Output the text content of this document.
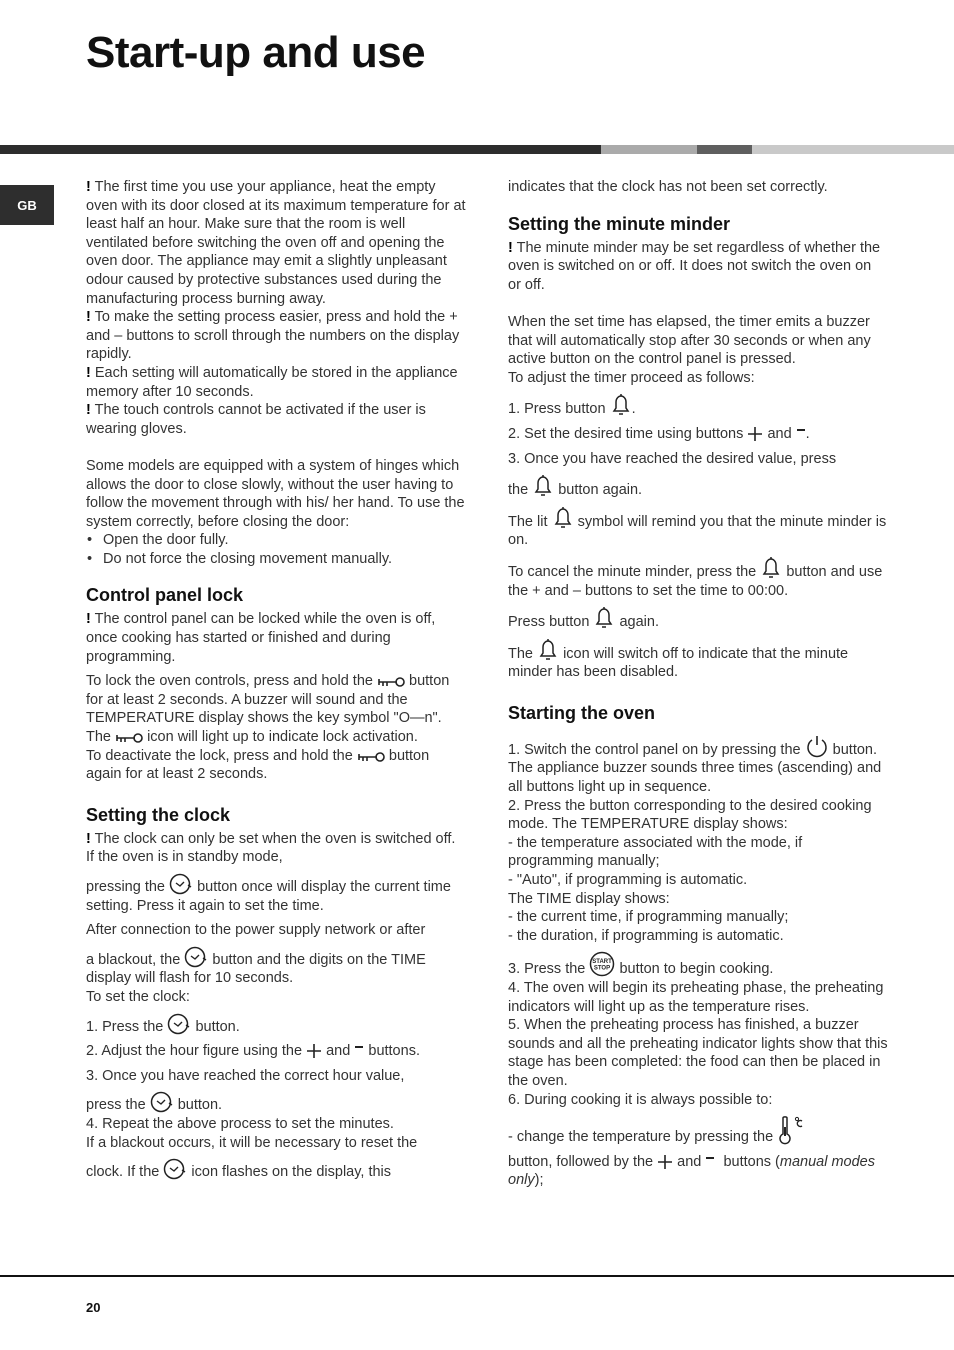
Start-up and use
GB

! The first time you use your appliance, heat the empty oven with its door closed at its maximum temperature for at least half an hour. Make sure that the room is well ventilated before switching the oven off and opening the oven door. The appliance may emit a slightly unpleasant odour caused by protective substances used during the manufacturing process burning away.

! To make the setting process easier, press and hold the + and – buttons to scroll through the numbers on the display rapidly.

! Each setting will automatically be stored in the appliance memory after 10 seconds.

! The touch controls cannot be activated if the user is wearing gloves.

Some models are equipped with a system of hinges which allows the door to close slowly, without the user having to follow the movement through with his/ her hand. To use the system correctly, before closing the door:

• Open the door fully.
• Do not force the closing movement manually.
Control panel lock

! The control panel can be locked while the oven is off, once cooking has started or finished and during programming.

To lock the oven controls, press and hold the button for at least 2 seconds. A buzzer will sound and the TEMPERATURE display shows the key symbol "O—n". The icon will light up to indicate lock activation.

To deactivate the lock, press and hold the button again for at least 2 seconds.

Setting the clock

! The clock can only be set when the oven is switched off. If the oven is in standby mode,

pressing the button once will display the current time setting. Press it again to set the time.

After connection to the power supply network or after

a blackout, the button and the digits on the TIME display will flash for 10 seconds.

To set the clock:

1. Press the button.

2. Adjust the hour figure using the and buttons.

3. Once you have reached the correct hour value,

press the button.

4. Repeat the above process to set the minutes.

If a blackout occurs, it will be necessary to reset the

clock. If the icon flashes on the display, this

indicates that the clock has not been set correctly.

Setting the minute minder

! The minute minder may be set regardless of whether the oven is switched on or off. It does not switch the oven on or off.

When the set time has elapsed, the timer emits a buzzer that will automatically stop after 30 seconds or when any active button on the control panel is pressed.

To adjust the timer proceed as follows:

1. Press button .

2. Set the desired time using buttons and .

3. Once you have reached the desired value, press

the button again.

The lit symbol will remind you that the minute minder is on.

To cancel the minute minder, press the button and use the + and – buttons to set the time to 00:00.

Press button again.

The icon will switch off to indicate that the minute minder has been disabled.

Starting the oven

1. Switch the control panel on by pressing the button. The appliance buzzer sounds three times (ascending) and all buttons light up in sequence.

2. Press the button corresponding to the desired cooking mode. The TEMPERATURE display shows:

- the temperature associated with the mode, if programming manually;

- "Auto", if programming is automatic.

The TIME display shows:

- the current time, if programming manually;

- the duration, if programming is automatic.

3. Press the START
STOP button to begin cooking.

4. The oven will begin its preheating phase, the preheating indicators will light up as the temperature rises.

5. When the preheating process has finished, a buzzer sounds and all the preheating indicator lights show that this stage has been completed: the food can then be placed in the oven.

6. During cooking it is always possible to:

- change the temperature by pressing the

button, followed by the and buttons (manual modes only);

20
